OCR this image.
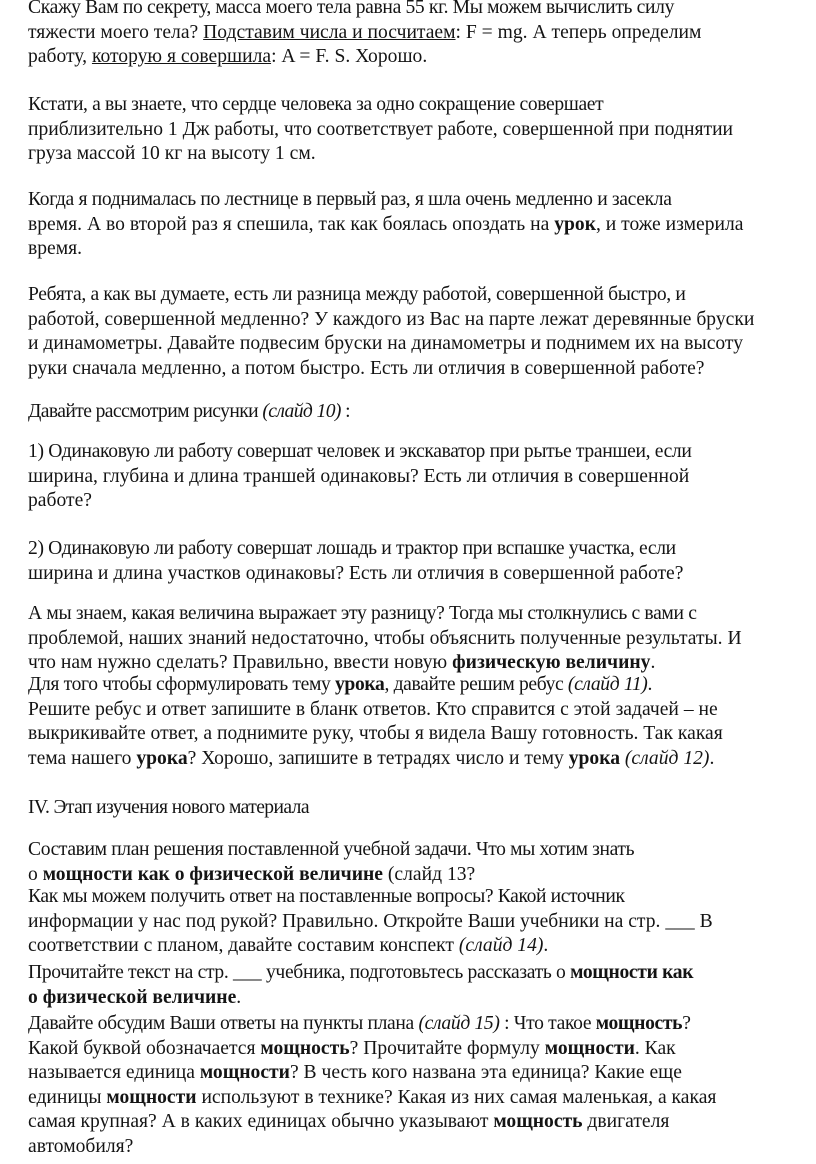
Скажу Вам по секрету, масса моего тела равна 55 кг. Мы можем вычислить силу
тяжести моего тела? Подставим числа и посчитаем: F = mg. А теперь определим
работу, которую я совершила: A = F. S. Хорошо.
Кстати, а вы знаете, что сердце человека за одно сокращение совершает
приблизительно 1 Дж работы, что соответствует работе, совершенной при поднятии
груза массой 10 кг на высоту 1 см.
Когда я поднималась по лестнице в первый раз, я шла очень медленно и засекла
время. А во второй раз я спешила, так как боялась опоздать на урок, и тоже измерила
время.
Ребята, а как вы думаете, есть ли разница между работой, совершенной быстро, и
работой, совершенной медленно? У каждого из Вас на парте лежат деревянные бруски
и динамометры. Давайте подвесим бруски на динамометры и поднимем их на высоту
руки сначала медленно, а потом быстро. Есть ли отличия в совершенной работе?
Давайте рассмотрим рисунки (слайд 10) :
1) Одинаковую ли работу совершат человек и экскаватор при рытье траншеи, если
ширина, глубина и длина траншей одинаковы? Есть ли отличия в совершенной
работе?
2) Одинаковую ли работу совершат лошадь и трактор при вспашке участка, если
ширина и длина участков одинаковы? Есть ли отличия в совершенной работе?
А мы знаем, какая величина выражает эту разницу? Тогда мы столкнулись с вами с
проблемой, наших знаний недостаточно, чтобы объяснить полученные результаты. И
что нам нужно сделать? Правильно, ввести новую физическую величину.
Для того чтобы сформулировать тему урока, давайте решим ребус (слайд 11).
Решите ребус и ответ запишите в бланк ответов. Кто справится с этой задачей – не
выкрикивайте ответ, а поднимите руку, чтобы я видела Вашу готовность. Так какая
тема нашего урока? Хорошо, запишите в тетрадях число и тему урока (слайд 12).
IV. Этап изучения нового материала
Составим план решения поставленной учебной задачи. Что мы хотим знать
о мощности как о физической величине (слайд 13?
Как мы можем получить ответ на поставленные вопросы? Какой источник
информации у нас под рукой? Правильно. Откройте Ваши учебники на стр. ___ В
соответствии с планом, давайте составим конспект (слайд 14).
Прочитайте текст на стр. ___ учебника, подготовьтесь рассказать о мощности как
о физической величине.
Давайте обсудим Ваши ответы на пункты плана (слайд 15) : Что такое мощность?
Какой буквой обозначается мощность? Прочитайте формулу мощности. Как
называется единица мощности? В честь кого названа эта единица? Какие еще
единицы мощности используют в технике? Какая из них самая маленькая, а какая
самая крупная? А в каких единицах обычно указывают мощность двигателя
автомобиля?
